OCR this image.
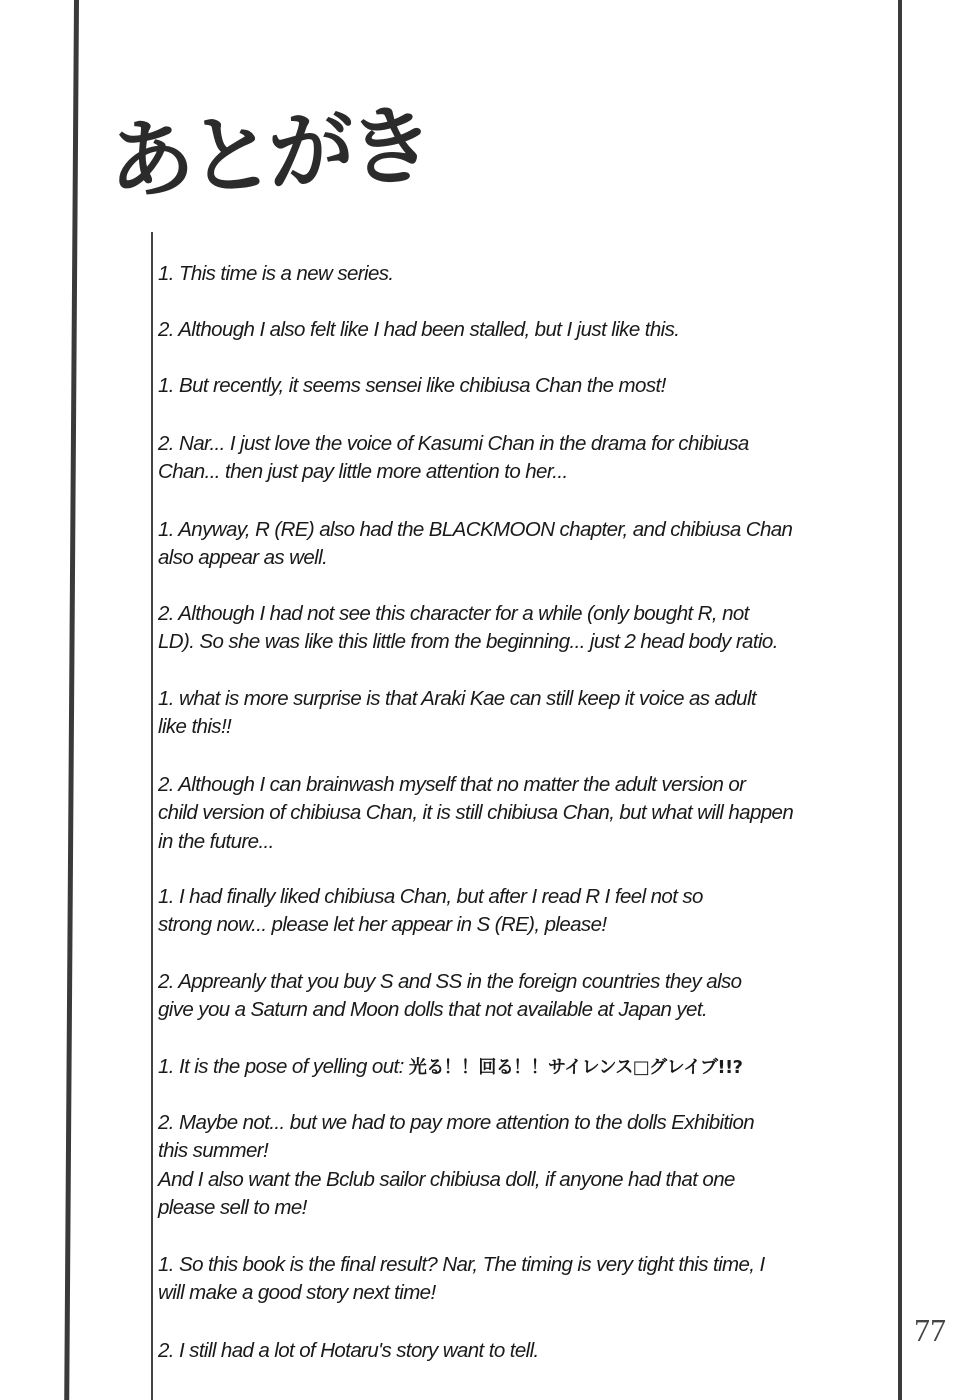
あとがき
1. This time is a new series.
2. Although I also felt like I had been stalled, but I just like this.
1. But recently, it seems sensei like chibiusa Chan the most!
2. Nar... I just love the voice of Kasumi Chan in the drama for chibiusa
Chan... then just pay little more attention to her...
1. Anyway, R (RE) also had the BLACKMOON chapter, and chibiusa Chan
also appear as well.
2. Although I had not see this character for a while (only bought R, not
LD). So she was like this little from the beginning... just 2 head body ratio.
1. what is more surprise is that Araki Kae can still keep it voice as adult
like this!!
2. Although I can brainwash myself that no matter the adult version or
child version of chibiusa Chan, it is still chibiusa Chan, but what will happen
in the future...
1. I had finally liked chibiusa Chan, but after I read R I feel not so
strong now... please let her appear in S (RE), please!
2. Appreanly that you buy S and SS in the foreign countries they also
give you a Saturn and Moon dolls that not available at Japan yet.
1. It is the pose of yelling out: 光る！！回る！！サイレンス□グレイブ!!?
2. Maybe not... but we had to pay more attention to the dolls Exhibition
this summer!
And I also want the Bclub sailor chibiusa doll, if anyone had that one
please sell to me!
1. So this book is the final result? Nar, The timing is very tight this time, I
will make a good story next time!
2. I still had a lot of Hotaru's story want to tell.
77
